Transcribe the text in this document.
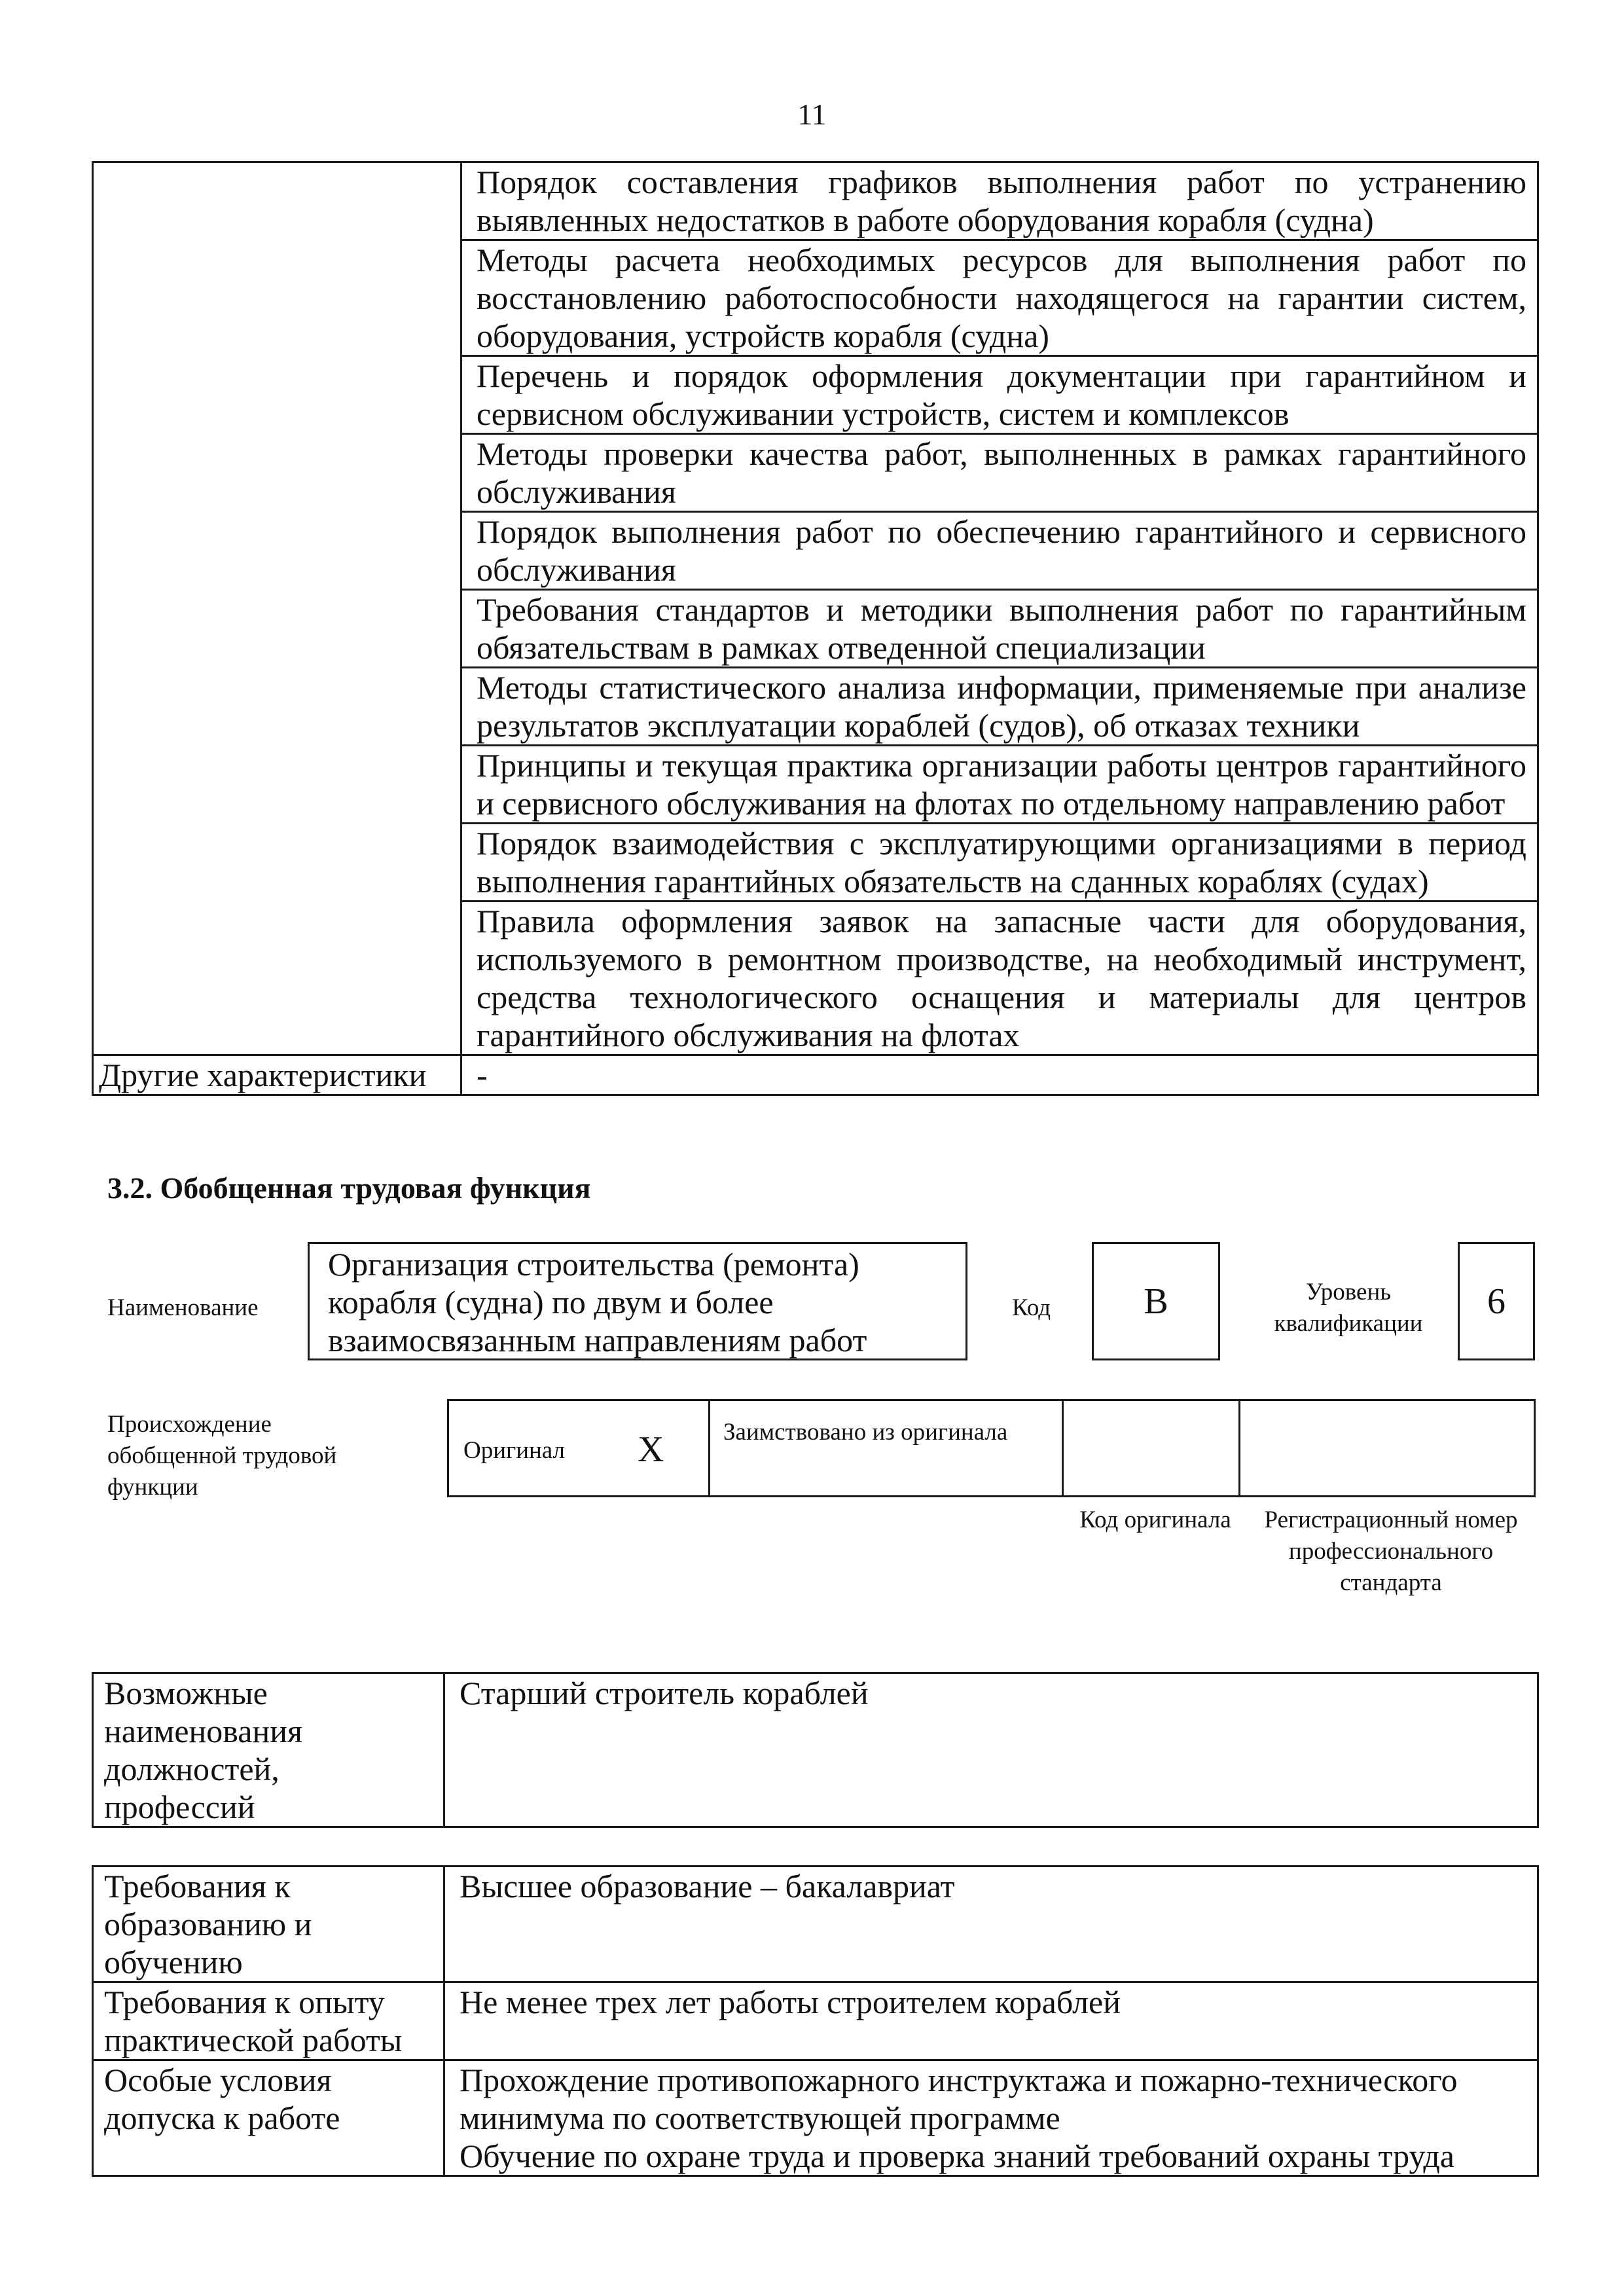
11
	Порядок составления графиков выполнения работ по устранению выявленных недостатков в работе оборудования корабля (судна)
	Методы расчета необходимых ресурсов для выполнения работ по восстановлению работоспособности находящегося на гарантии систем, оборудования, устройств корабля (судна)
	Перечень и порядок оформления документации при гарантийном и сервисном обслуживании устройств, систем и комплексов
	Методы проверки качества работ, выполненных в рамках гарантийного обслуживания
	Порядок выполнения работ по обеспечению гарантийного и сервисного обслуживания
	Требования стандартов и методики выполнения работ по гарантийным обязательствам в рамках отведенной специализации
	Методы статистического анализа информации, применяемые при анализе результатов эксплуатации кораблей (судов), об отказах техники
	Принципы и текущая практика организации работы центров гарантийного и сервисного обслуживания на флотах по отдельному направлению работ
	Порядок взаимодействия с эксплуатирующими организациями в период выполнения гарантийных обязательств на сданных кораблях (судах)
	Правила оформления заявок на запасные части для оборудования, используемого в ремонтном производстве, на необходимый инструмент, средства технологического оснащения и материалы для центров гарантийного обслуживания на флотах
Другие характеристики	-
3.2. Обобщенная трудовая функция
Наименование
Организация строительства (ремонта) корабля (судна) по двум и более взаимосвязанным направлениям работ
Код	B	Уровень квалификации
6
Происхождение обобщенной трудовой функции
Оригинал X Заимствовано из оригинала
Код оригинала	Регистрационный номер профессионального стандарта
Возможные наименования должностей, профессий	Старший строитель кораблей
Требования к образованию и обучению	Высшее образование – бакалавриат
Требования к опыту практической работы	Не менее трех лет работы строителем кораблей
Особые условия допуска к работе	Прохождение противопожарного инструктажа и пожарно-технического минимума по соответствующей программе
Обучение по охране труда и проверка знаний требований охраны труда
